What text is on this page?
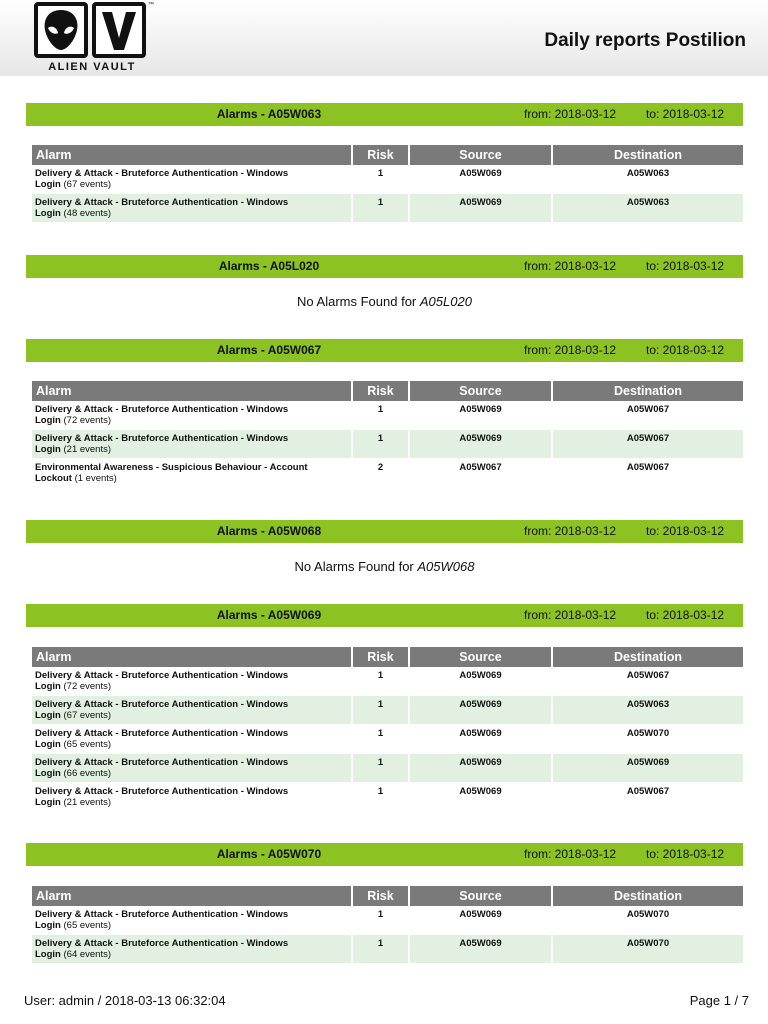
™
ALIEN VAULT
Daily reports Postilion
Alarms - A05W063	from: 2018-03-12 to: 2018-03-12
Alarm	Risk	Source	Destination
Delivery & Attack - Bruteforce Authentication - Windows
Login (67 events)
1	A05W069	A05W063
Delivery & Attack - Bruteforce Authentication - Windows
Login (48 events)
1	A05W069	A05W063
Alarms - A05L020	from: 2018-03-12 to: 2018-03-12
No Alarms Found for A05L020
Alarms - A05W067	from: 2018-03-12 to: 2018-03-12
Alarm	Risk	Source	Destination
Delivery & Attack - Bruteforce Authentication - Windows
Login (72 events)
1	A05W069	A05W067
Delivery & Attack - Bruteforce Authentication - Windows
Login (21 events)
1	A05W069	A05W067
Environmental Awareness - Suspicious Behaviour - Account
Lockout (1 events)
2	A05W067	A05W067
Alarms - A05W068	from: 2018-03-12 to: 2018-03-12
No Alarms Found for A05W068
Alarms - A05W069	from: 2018-03-12 to: 2018-03-12
Alarm	Risk	Source	Destination
Delivery & Attack - Bruteforce Authentication - Windows
Login (72 events)
1	A05W069	A05W067
Delivery & Attack - Bruteforce Authentication - Windows
Login (67 events)
1	A05W069	A05W063
Delivery & Attack - Bruteforce Authentication - Windows
Login (65 events)
1	A05W069	A05W070
Delivery & Attack - Bruteforce Authentication - Windows
Login (66 events)
1	A05W069	A05W069
Delivery & Attack - Bruteforce Authentication - Windows
Login (21 events)
1	A05W069	A05W067
Alarms - A05W070	from: 2018-03-12 to: 2018-03-12
Alarm	Risk	Source	Destination
Delivery & Attack - Bruteforce Authentication - Windows
Login (65 events)
1	A05W069	A05W070
Delivery & Attack - Bruteforce Authentication - Windows
Login (64 events)
1	A05W069	A05W070
User: admin / 2018-03-13 06:32:04	Page 1 / 7
